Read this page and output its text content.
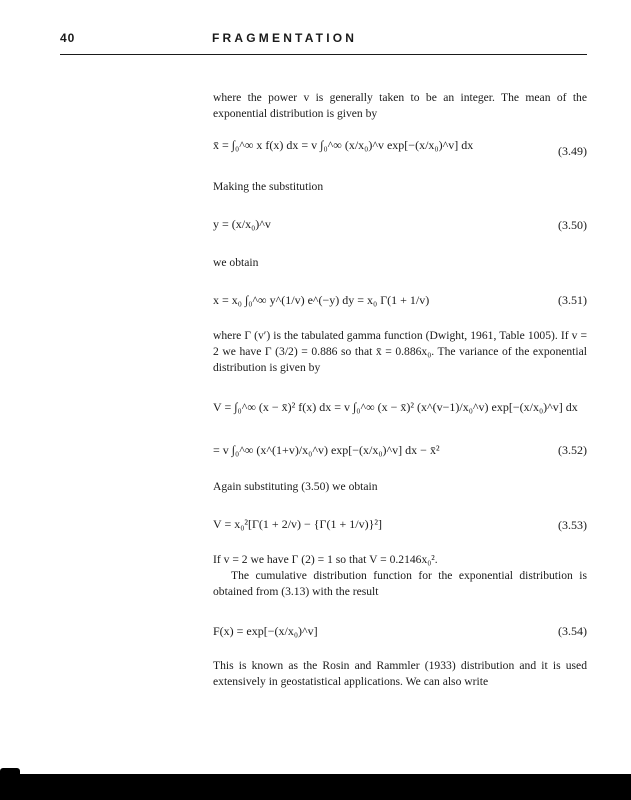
40	FRAGMENTATION
where the power v is generally taken to be an integer. The mean of the exponential distribution is given by
x̄ = ∫₀^∞ x f(x) dx = v ∫₀^∞ (x/x₀)^v exp[−(x/x₀)^v] dx	(3.49)
Making the substitution
y = (x/x₀)^v	(3.50)
we obtain
x = x₀ ∫₀^∞ y^(1/v) e^(−y) dy = x₀ Γ(1 + 1/v)	(3.51)
where Γ (v′) is the tabulated gamma function (Dwight, 1961, Table 1005). If v = 2 we have Γ (3/2) = 0.886 so that x̄ = 0.886x₀. The variance of the exponential distribution is given by
V = ∫₀^∞ (x − x̄)² f(x) dx = v ∫₀^∞ (x − x̄)² (x^(v−1)/x₀^v) exp[−(x/x₀)^v] dx
= v ∫₀^∞ (x^(1+v)/x₀^v) exp[−(x/x₀)^v] dx − x̄²	(3.52)
Again substituting (3.50) we obtain
V = x₀²[Γ(1 + 2/v) − {Γ(1 + 1/v)}²]	(3.53)
If v = 2 we have Γ (2) = 1 so that V = 0.2146x₀².
The cumulative distribution function for the exponential distribution is obtained from (3.13) with the result
F(x) = exp[−(x/x₀)^v]	(3.54)
This is known as the Rosin and Rammler (1933) distribution and it is used extensively in geostatistical applications. We can also write
